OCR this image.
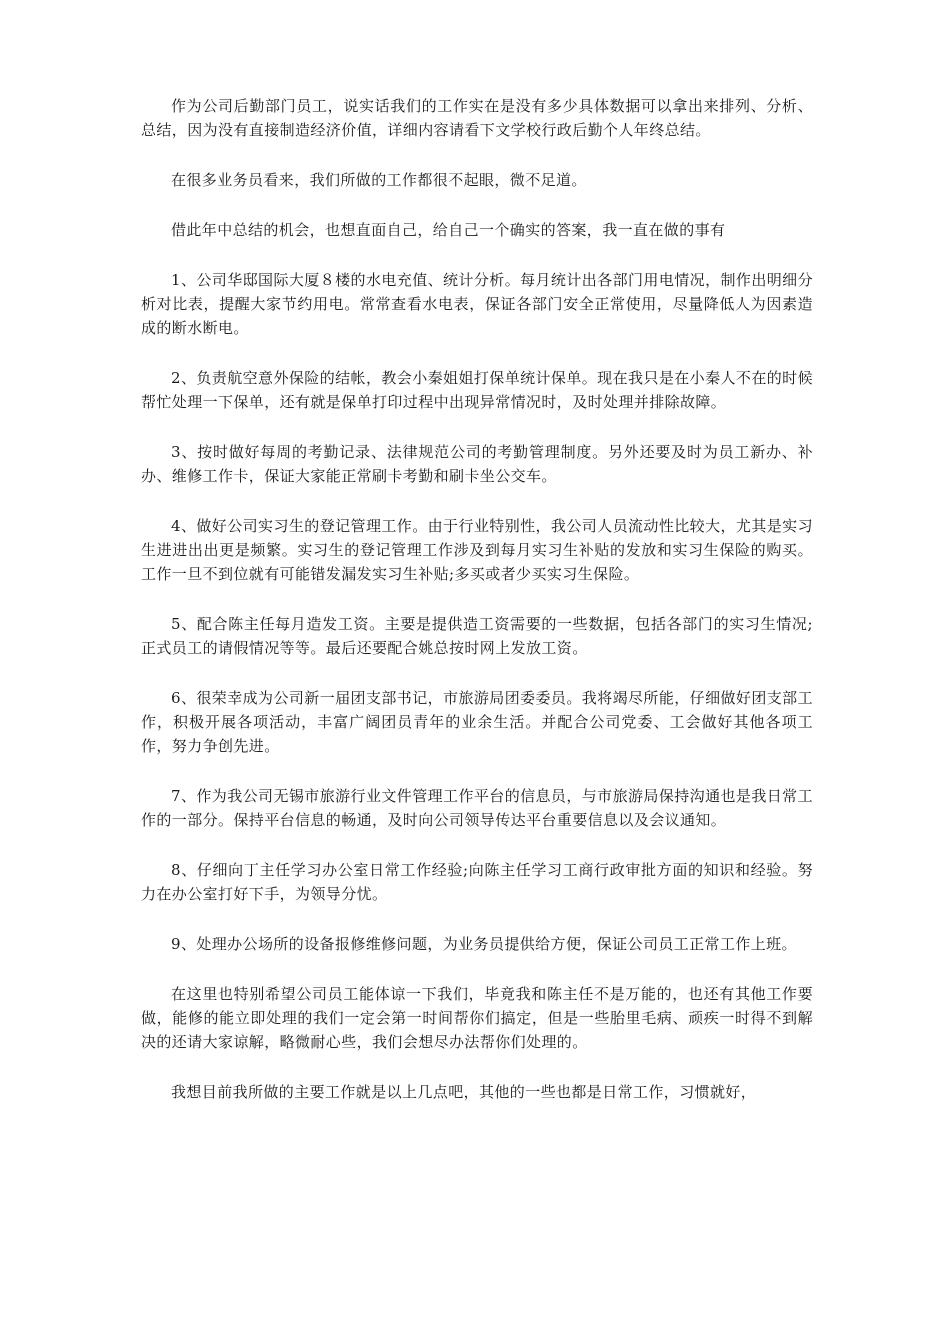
作为公司后勤部门员工，说实话我们的工作实在是没有多少具体数据可以拿出来排列、分析、总结，因为没有直接制造经济价值，详细内容请看下文学校行政后勤个人年终总结。

在很多业务员看来，我们所做的工作都很不起眼，微不足道。

借此年中总结的机会，也想直面自己，给自己一个确实的答案，我一直在做的事有

1、公司华邸国际大厦８楼的水电充值、统计分析。每月统计出各部门用电情况，制作出明细分析对比表，提醒大家节约用电。常常查看水电表，保证各部门安全正常使用，尽量降低人为因素造成的断水断电。

2、负责航空意外保险的结帐，教会小秦姐姐打保单统计保单。现在我只是在小秦人不在的时候帮忙处理一下保单，还有就是保单打印过程中出现异常情况时，及时处理并排除故障。

3、按时做好每周的考勤记录、法律规范公司的考勤管理制度。另外还要及时为员工新办、补办、维修工作卡，保证大家能正常刷卡考勤和刷卡坐公交车。

4、做好公司实习生的登记管理工作。由于行业特别性，我公司人员流动性比较大，尤其是实习生进进出出更是频繁。实习生的登记管理工作涉及到每月实习生补贴的发放和实习生保险的购买。工作一旦不到位就有可能错发漏发实习生补贴;多买或者少买实习生保险。

5、配合陈主任每月造发工资。主要是提供造工资需要的一些数据，包括各部门的实习生情况;正式员工的请假情况等等。最后还要配合姚总按时网上发放工资。

6、很荣幸成为公司新一届团支部书记，市旅游局团委委员。我将竭尽所能，仔细做好团支部工作，积极开展各项活动，丰富广阔团员青年的业余生活。并配合公司党委、工会做好其他各项工作，努力争创先进。

7、作为我公司无锡市旅游行业文件管理工作平台的信息员，与市旅游局保持沟通也是我日常工作的一部分。保持平台信息的畅通，及时向公司领导传达平台重要信息以及会议通知。

8、仔细向丁主任学习办公室日常工作经验;向陈主任学习工商行政审批方面的知识和经验。努力在办公室打好下手，为领导分忧。

9、处理办公场所的设备报修维修问题，为业务员提供给方便，保证公司员工正常工作上班。

在这里也特别希望公司员工能体谅一下我们，毕竟我和陈主任不是万能的，也还有其他工作要做，能修的能立即处理的我们一定会第一时间帮你们搞定，但是一些胎里毛病、顽疾一时得不到解决的还请大家谅解，略微耐心些，我们会想尽办法帮你们处理的。

我想目前我所做的主要工作就是以上几点吧，其他的一些也都是日常工作，习惯就好，
